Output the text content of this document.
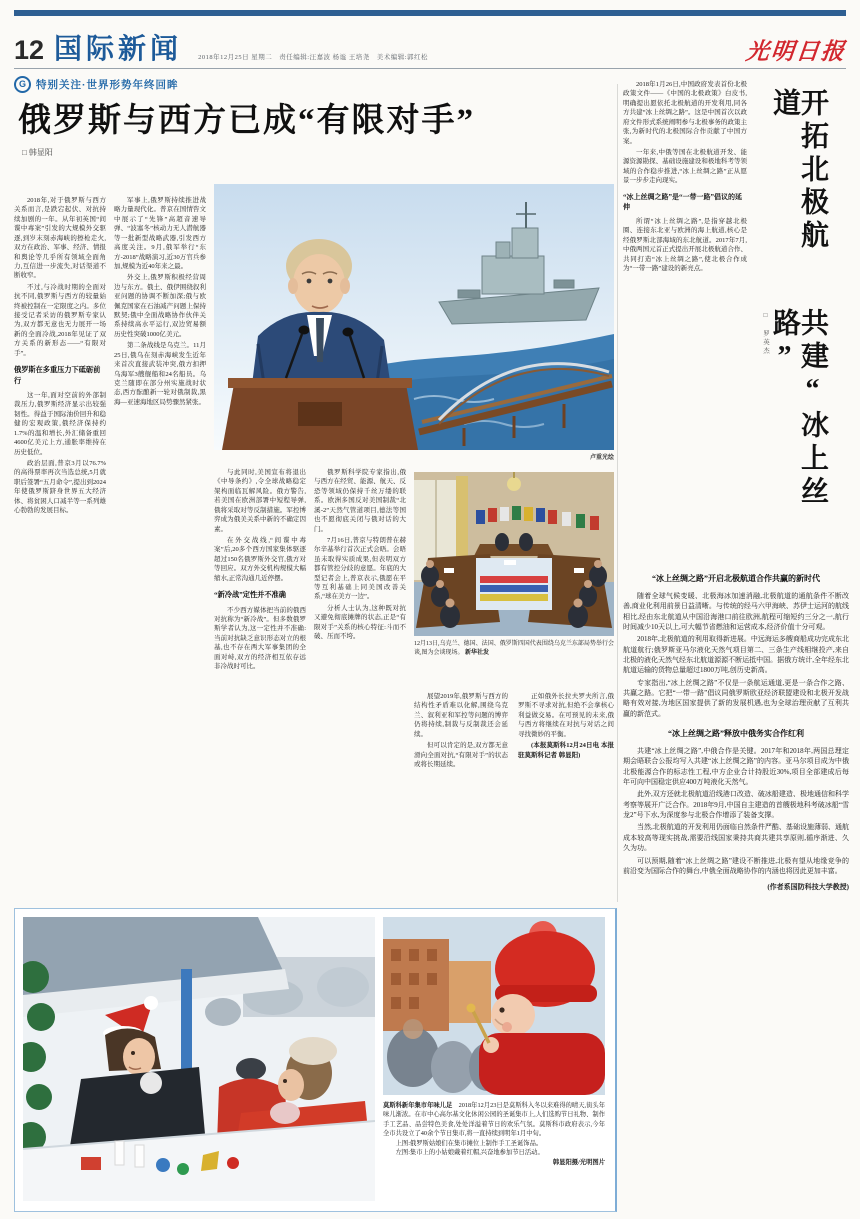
12 国际新闻 2018年12月25日 星期二　责任编辑:汪嘉波 杨谧 王培尧　美术编辑:郭红松	光明日报
G 特别关注·世界形势年终回眸
俄罗斯与西方已成“有限对手”
□ 韩显阳

2018年,对于俄罗斯与西方关系而言,是跌宕起伏、对抗持续加剧的一年。从年初英国“间谍中毒案”引发的大规模外交驱逐,到岁末刻赤海峡的擦枪走火,双方在政治、军事、经济、情报和舆论等几乎所有领域全面角力,互信进一步流失,对话渠道不断收窄。

不过,与冷战时期的全面对抗不同,俄罗斯与西方的较量始终被控制在一定限度之内。多位接受记者采访的俄罗斯专家认为,双方都无意也无力展开一场新的全面冷战,2018年见证了双方关系的新形态——“有限对手”。

俄罗斯在多重压力下砥砺前行

这一年,面对空前的外部制裁压力,俄罗斯经济显示出较强韧性。得益于国际油价回升和稳健的宏观政策,俄经济保持约1.7%的温和增长,外汇储备重回4600亿美元上方,通胀率维持在历史低位。

政治层面,普京3月以76.7%的高得票率再次当选总统,5月就职后签署“五月命令”,提出到2024年使俄罗斯跻身世界五大经济体、将贫困人口减半等一系列雄心勃勃的发展目标。

军事上,俄罗斯持续推进战略力量现代化。普京在国情咨文中展示了“先锋”高超音速导弹、“波塞冬”核动力无人潜航器等一批新型战略武器,引发西方高度关注。9月,俄军举行“东方-2018”战略演习,近30万官兵参加,规模为近40年来之最。

外交上,俄罗斯积极经营周边与东方。俄土、俄伊围绕叙利亚问题的协调不断加深;俄与欧佩克国家在石油减产问题上保持默契;俄中全面战略协作伙伴关系持续高水平运行,双边贸易额历史性突破1000亿美元。

第二条战线是乌克兰。11月25日,俄乌在刻赤海峡发生近年来首次直接武装冲突,俄方扣押乌海军3艘舰船和24名船员。乌克兰随即在部分州实施战时状态,西方酝酿新一轮对俄制裁,黑海—亚速海地区局势骤然紧张。

与此同时,美国宣布将退出《中导条约》,令全球战略稳定架构面临瓦解风险。俄方警告,若美国在欧洲部署中短程导弹,俄将采取对等反制措施。军控博弈成为俄美关系中新的不确定因素。

在外交战线,“间谍中毒案”后,20多个西方国家集体驱逐超过150名俄罗斯外交官,俄方对等回应。双方外交机构规模大幅缩水,正常沟通几近停摆。

“新冷战”定性并不准确

不少西方媒体把当前的俄西对抗称为“新冷战”。但多数俄罗斯学者认为,这一定性并不准确:当前对抗缺乏意识形态对立的根基,也不存在两大军事集团的全面对峙,双方的经济相互依存远非冷战时可比。

俄罗斯科学院专家指出,俄与西方在经贸、能源、航天、反恐等领域仍保持千丝万缕的联系。欧洲多国反对美国制裁“北溪-2”天然气管道项目,德法等国也不愿彻底关闭与俄对话的大门。

7月16日,普京与特朗普在赫尔辛基举行首次正式会晤。会晤虽未取得实质成果,但表明双方都有管控分歧的意愿。年底的大型记者会上,普京表示,俄愿在平等互利基础上同美国改善关系,“球在美方一边”。

分析人士认为,这种既对抗又避免彻底摊牌的状态,正是“有限对手”关系的核心特征:斗而不破、压而不垮。

展望2019年,俄罗斯与西方的结构性矛盾难以化解,围绕乌克兰、叙利亚和军控等问题的博弈仍将持续,制裁与反制裁还会延续。

但可以肯定的是,双方都无意滑向全面对抗,“有限对手”的状态或将长期延续。

正如俄外长拉夫罗夫所言,俄罗斯不寻求对抗,但绝不会拿核心利益做交易。在可预见的未来,俄与西方将继续在对抗与对话之间寻找微妙的平衡。

(本报莫斯科12月24日电 本报驻莫斯科记者 韩显阳)

卢重光绘

12月13日,乌克兰、德国、法国、俄罗斯四国代表围绕乌克兰东部局势举行会谈,图为会谈现场。 新华社发

2018年1月26日,中国政府发表首份北极政策文件——《中国的北极政策》白皮书,明确提出愿依托北极航道的开发利用,同各方共建“冰上丝绸之路”。这是中国首次以政府文件形式系统阐明参与北极事务的政策主张,为新时代的北极国际合作贡献了中国方案。

一年来,中俄等国在北极航道开发、能源资源勘探、基础设施建设和极地科考等领域的合作稳步推进,“冰上丝绸之路”正从愿景一步步走向现实。

“冰上丝绸之路”是“一带一路”倡议的延伸

所谓“冰上丝绸之路”,是指穿越北极圈、连接东北亚与欧洲的海上航道,核心是经俄罗斯北部海域的东北航道。2017年7月,中俄两国元首正式提出开展北极航道合作、共同打造“冰上丝绸之路”,使北极合作成为“一带一路”建设的新亮点。

开拓北极航道
共建“冰上丝路”
□ 罗英杰
“冰上丝绸之路”开启北极航道合作共赢的新时代

随着全球气候变暖、北极海冰加速消融,北极航道的通航条件不断改善,商业化利用前景日益清晰。与传统的经马六甲海峡、苏伊士运河的航线相比,经由东北航道从中国沿海港口前往欧洲,航程可缩短约三分之一,航行时间减少10天以上,可大幅节省燃油和运营成本,经济价值十分可观。

2018年,北极航道的利用取得新进展。中远海运多艘商船成功完成东北航道航行;俄罗斯亚马尔液化天然气项目第二、三条生产线相继投产,来自北极的液化天然气经东北航道源源不断运抵中国。据俄方统计,全年经东北航道运输的货物总量超过1800万吨,创历史新高。

专家指出,“冰上丝绸之路”不仅是一条航运通道,更是一条合作之路、共赢之路。它把“一带一路”倡议同俄罗斯欧亚经济联盟建设和北极开发战略有效对接,为地区国家提供了新的发展机遇,也为全球治理贡献了互利共赢的新范式。

“冰上丝绸之路”释放中俄务实合作红利

共建“冰上丝绸之路”,中俄合作是关键。2017年和2018年,两国总理定期会晤联合公报均写入共建“冰上丝绸之路”的内容。亚马尔项目成为中俄北极能源合作的标志性工程,中方企业合计持股近30%,项目全部建成后每年可向中国稳定供应400万吨液化天然气。

此外,双方还就北极航道沿线港口改造、破冰船建造、极地通信和科学考察等展开广泛合作。2018年9月,中国自主建造的首艘极地科考破冰船“雪龙2”号下水,为深度参与北极合作增添了装备支撑。

当然,北极航道的开发利用仍面临自然条件严酷、基础设施薄弱、通航成本较高等现实挑战,需要沿线国家秉持共商共建共享原则,循序渐进、久久为功。

可以预期,随着“冰上丝绸之路”建设不断推进,北极有望从地缘竞争的前沿变为国际合作的舞台,中俄全面战略协作的内涵也将因此更加丰富。

(作者系国防科技大学教授)

莫斯科新年集市年味儿足　2018年12月23日是莫斯科入冬以来难得的晴天,街头年味儿渐浓。在市中心高尔基文化休闲公园的圣诞集市上,人们选购节日礼物、制作手工艺品、品尝特色美食,处处洋溢着节日的欢乐气氛。莫斯科市政府表示,今年全市共设立了40余个节日集市,将一直持续到明年1月中旬。

上图:俄罗斯姑娘们在集市摊位上制作手工圣诞饰品。

左图:集市上的小姑娘戴着红帽,兴奋地参加节日活动。

韩显阳摄/光明图片
